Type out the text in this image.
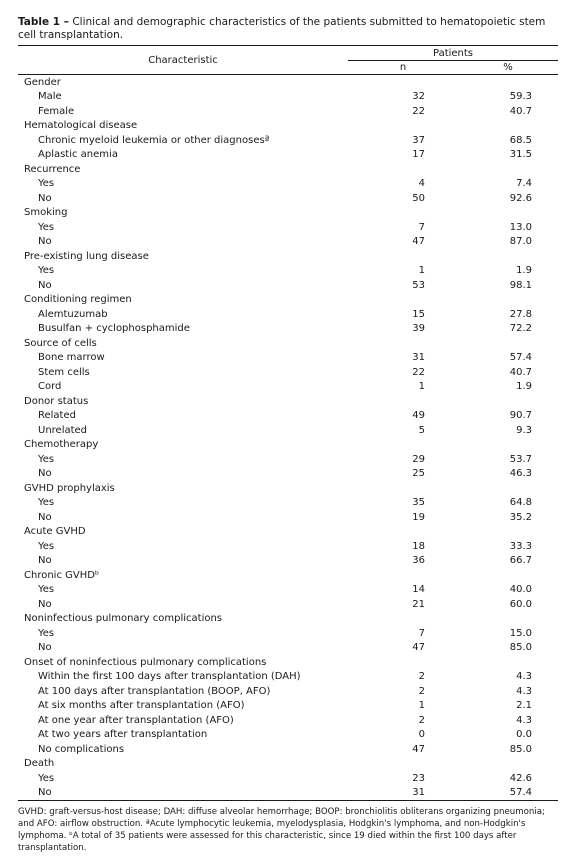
Table 1 – Clinical and demographic characteristics of the patients submitted to hematopoietic stem cell transplantation.

Characteristic	Patients	
	n	%
Gender		
Male	32	59.3
Female	22	40.7
Hematological disease		
Chronic myeloid leukemia or other diagnosesª	37	68.5
Aplastic anemia	17	31.5
Recurrence		
Yes	4	7.4
No	50	92.6
Smoking		
Yes	7	13.0
No	47	87.0
Pre-existing lung disease		
Yes	1	1.9
No	53	98.1
Conditioning regimen		
Alemtuzumab	15	27.8
Busulfan + cyclophosphamide	39	72.2
Source of cells		
Bone marrow	31	57.4
Stem cells	22	40.7
Cord	1	1.9
Donor status		
Related	49	90.7
Unrelated	5	9.3
Chemotherapy		
Yes	29	53.7
No	25	46.3
GVHD prophylaxis		
Yes	35	64.8
No	19	35.2
Acute GVHD		
Yes	18	33.3
No	36	66.7
Chronic GVHDᵇ		
Yes	14	40.0
No	21	60.0
Noninfectious pulmonary complications		
Yes	7	15.0
No	47	85.0
Onset of noninfectious pulmonary complications		
Within the first 100 days after transplantation (DAH)	2	4.3
At 100 days after transplantation (BOOP, AFO)	2	4.3
At six months after transplantation (AFO)	1	2.1
At one year after transplantation (AFO)	2	4.3
At two years after transplantation	0	0.0
No complications	47	85.0
Death		
Yes	23	42.6
No	31	57.4

GVHD: graft-versus-host disease; DAH: diffuse alveolar hemorrhage; BOOP: bronchiolitis obliterans organizing pneumonia; and AFO: airflow obstruction. ªAcute lymphocytic leukemia, myelodysplasia, Hodgkin's lymphoma, and non-Hodgkin's lymphoma. ᵇA total of 35 patients were assessed for this characteristic, since 19 died within the first 100 days after transplantation.
